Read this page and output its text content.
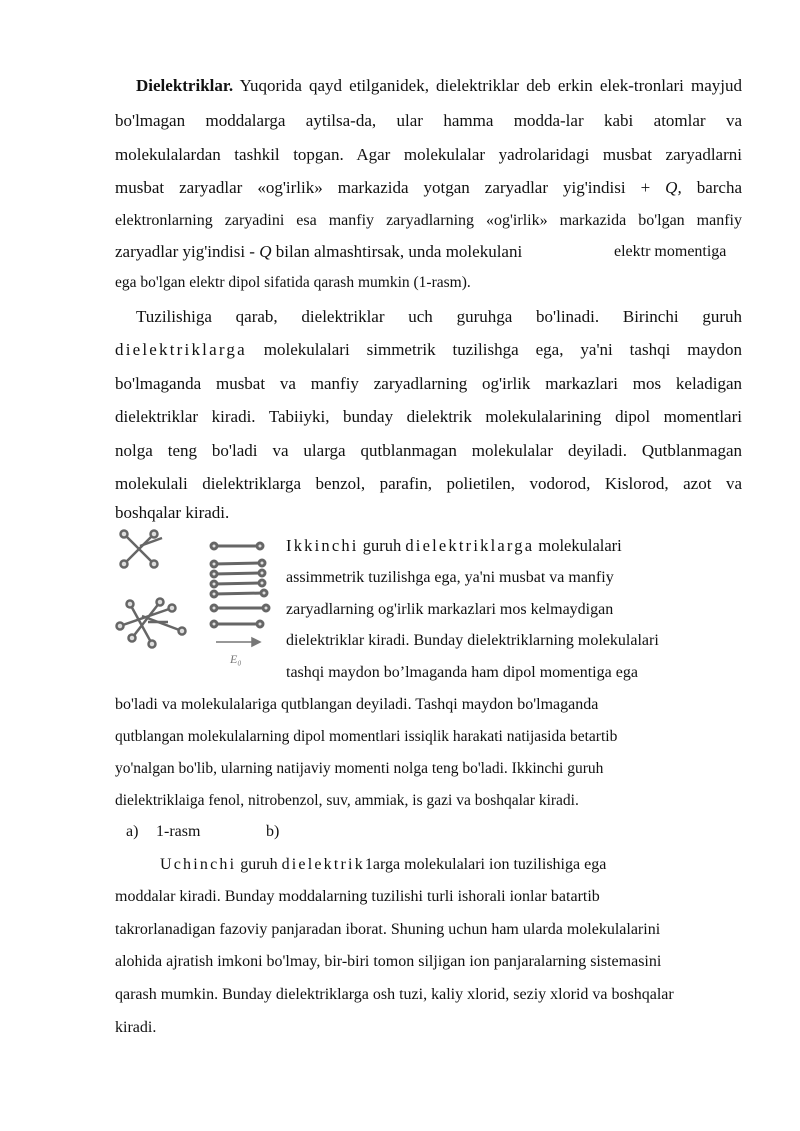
Dielektriklar. Yuqorida qayd etilganidek, dielektriklar deb erkin elek-tronlari mayjud
bo'lmagan moddalarga aytilsa-da, ular hamma modda-lar kabi atomlar va
molekulalardan tashkil topgan. Agar molekulalar yadrolaridagi musbat zaryadlarni
musbat zaryadlar «og'irlik» markazida yotgan zaryadlar yig'indisi + Q, barcha
elektronlarning zaryadini esa manfiy zaryadlarning «og'irlik» markazida bo'lgan manfiy
zaryadlar yig'indisi - Q bilan almashtirsak, unda molekulani	elektr momentiga
ega bo'lgan elektr dipol sifatida qarash mumkin (1-rasm).
Tuzilishiga qarab, dielektriklar uch guruhga bo'linadi. Birinchi guruh
dielektriklarga molekulalari simmetrik tuzilishga ega, ya'ni tashqi maydon
bo'lmaganda musbat va manfiy zaryadlarning og'irlik markazlari mos keladigan
dielektriklar kiradi. Tabiiyki, bunday dielektrik molekulalarining dipol momentlari
nolga teng bo'ladi va ularga qutblanmagan molekulalar deyiladi. Qutblanmagan
molekulali dielektriklarga benzol, parafin, polietilen, vodorod, Kislorod, azot va
boshqalar kiradi.
E₀
Ikkinchi guruh dielektriklarga molekulalari
assimmetrik tuzilishga ega, ya'ni musbat va manfiy
zaryadlarning og'irlik markazlari mos kelmaydigan
dielektriklar kiradi. Bunday dielektriklarning molekulalari
tashqi maydon bo’lmaganda ham dipol momentiga ega
bo'ladi va molekulalariga qutblangan deyiladi. Tashqi maydon bo'lmaganda
qutblangan molekulalarning dipol momentlari issiqlik harakati natijasida betartib
yo'nalgan bo'lib, ularning natijaviy momenti nolga teng bo'ladi. Ikkinchi guruh
dielektriklaiga fenol, nitrobenzol, suv, ammiak, is gazi va boshqalar kiradi.
a) 1-rasm	b)
Uchinchi guruh dielektrik1arga molekulalari ion tuzilishiga ega
moddalar kiradi. Bunday moddalarning tuzilishi turli ishorali ionlar batartib
takrorlanadigan fazoviy panjaradan iborat. Shuning uchun ham ularda molekulalarini
alohida ajratish imkoni bo'lmay, bir-biri tomon siljigan ion panjaralarning sistemasini
qarash mumkin. Bunday dielektriklarga osh tuzi, kaliy xlorid, seziy xlorid va boshqalar
kiradi.
